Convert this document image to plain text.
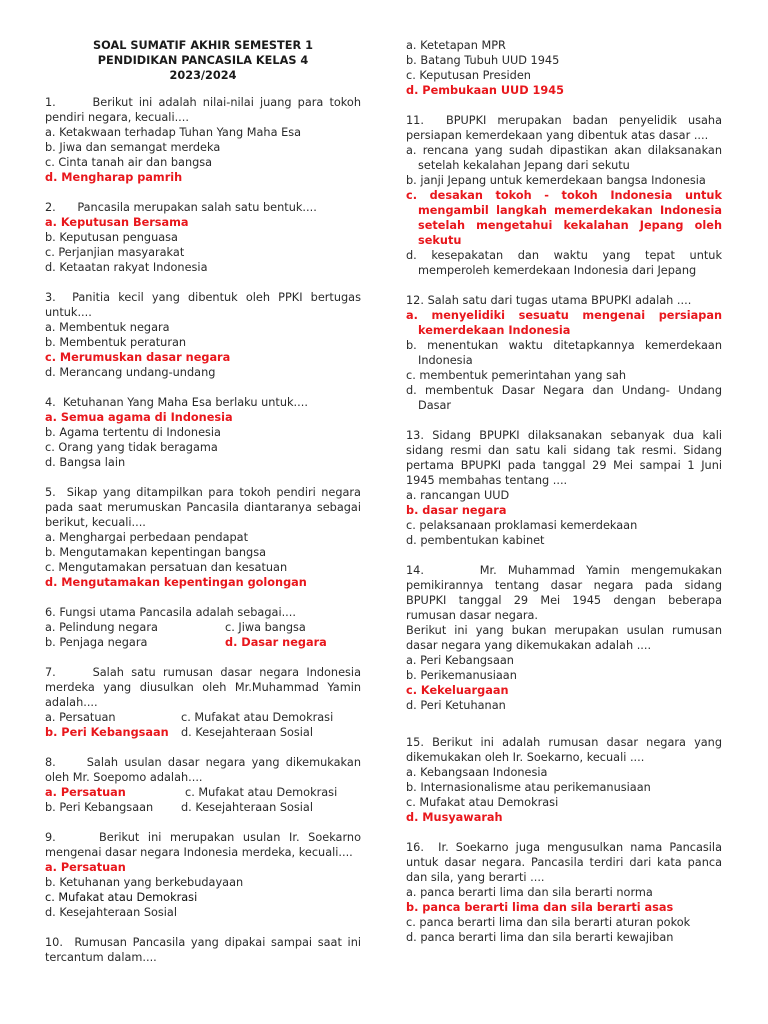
SOAL SUMATIF AKHIR SEMESTER 1
PENDIDIKAN PANCASILA KELAS 4
2023/2024
1.	Berikut ini adalah nilai-nilai juang para tokoh pendiri negara, kecuali....
a. Ketakwaan terhadap Tuhan Yang Maha Esa
b. Jiwa dan semangat merdeka
c. Cinta tanah air dan bangsa
d. Mengharap pamrih
2. Pancasila merupakan salah satu bentuk....
a. Keputusan Bersama
b. Keputusan penguasa
c. Perjanjian masyarakat
d. Ketaatan rakyat Indonesia
3. Panitia kecil yang dibentuk oleh PPKI bertugas untuk....
a. Membentuk negara
b. Membentuk peraturan
c. Merumuskan dasar negara
d. Merancang undang-undang
4. Ketuhanan Yang Maha Esa berlaku untuk....
a. Semua agama di Indonesia
b. Agama tertentu di Indonesia
c. Orang yang tidak beragama
d. Bangsa lain
5. Sikap yang ditampilkan para tokoh pendiri negara pada saat merumuskan Pancasila diantaranya sebagai berikut, kecuali....
a. Menghargai perbedaan pendapat
b. Mengutamakan kepentingan bangsa
c. Mengutamakan persatuan dan kesatuan
d. Mengutamakan kepentingan golongan
6. Fungsi utama Pancasila adalah sebagai....
a. Pelindung negara	c. Jiwa bangsa
b. Penjaga negara	d. Dasar negara
7.	Salah satu rumusan dasar negara Indonesia merdeka yang diusulkan oleh Mr.Muhammad Yamin adalah....
a. Persatuan	c. Mufakat atau Demokrasi
b. Peri Kebangsaan	d. Kesejahteraan Sosial
8.	Salah usulan dasar negara yang dikemukakan oleh Mr. Soepomo adalah....
a. Persatuan	c. Mufakat atau Demokrasi
b. Peri Kebangsaan	d. Kesejahteraan Sosial
9.	Berikut ini merupakan usulan Ir. Soekarno mengenai dasar negara Indonesia merdeka, kecuali....
a. Persatuan
b. Ketuhanan yang berkebudayaan
c. Mufakat atau Demokrasi
d. Kesejahteraan Sosial
10. Rumusan Pancasila yang dipakai sampai saat ini tercantum dalam....
a. Ketetapan MPR
b. Batang Tubuh UUD 1945
c. Keputusan Presiden
d. Pembukaan UUD 1945
11. BPUPKI merupakan badan penyelidik usaha persiapan kemerdekaan yang dibentuk atas dasar ....
a. rencana yang sudah dipastikan akan dilaksanakan setelah kekalahan Jepang dari sekutu
b. janji Jepang untuk kemerdekaan bangsa Indonesia
c. desakan tokoh - tokoh Indonesia untuk mengambil langkah memerdekakan Indonesia setelah mengetahui kekalahan Jepang oleh sekutu
d. kesepakatan dan waktu yang tepat untuk memperoleh kemerdekaan Indonesia dari Jepang
12. Salah satu dari tugas utama BPUPKI adalah ....
a. menyelidiki sesuatu mengenai persiapan kemerdekaan Indonesia
b. menentukan waktu ditetapkannya kemerdekaan Indonesia
c. membentuk pemerintahan yang sah
d. membentuk Dasar Negara dan Undang- Undang Dasar
13. Sidang BPUPKI dilaksanakan sebanyak dua kali sidang resmi dan satu kali sidang tak resmi. Sidang pertama BPUPKI pada tanggal 29 Mei sampai 1 Juni 1945 membahas tentang ....
a. rancangan UUD
b. dasar negara
c. pelaksanaan proklamasi kemerdekaan
d. pembentukan kabinet
14.	Mr. Muhammad Yamin mengemukakan pemikirannya tentang dasar negara pada sidang BPUPKI tanggal 29 Mei 1945 dengan beberapa rumusan dasar negara.
Berikut ini yang bukan merupakan usulan rumusan dasar negara yang dikemukakan adalah ....
a. Peri Kebangsaan
b. Perikemanusiaan
c. Kekeluargaan
d. Peri Ketuhanan
15. Berikut ini adalah rumusan dasar negara yang dikemukakan oleh Ir. Soekarno, kecuali ....
a. Kebangsaan Indonesia
b. Internasionalisme atau perikemanusiaan
c. Mufakat atau Demokrasi
d. Musyawarah
16. Ir. Soekarno juga mengusulkan nama Pancasila untuk dasar negara. Pancasila terdiri dari kata panca dan sila, yang berarti ....
a. panca berarti lima dan sila berarti norma
b. panca berarti lima dan sila berarti asas
c. panca berarti lima dan sila berarti aturan pokok
d. panca berarti lima dan sila berarti kewajiban
